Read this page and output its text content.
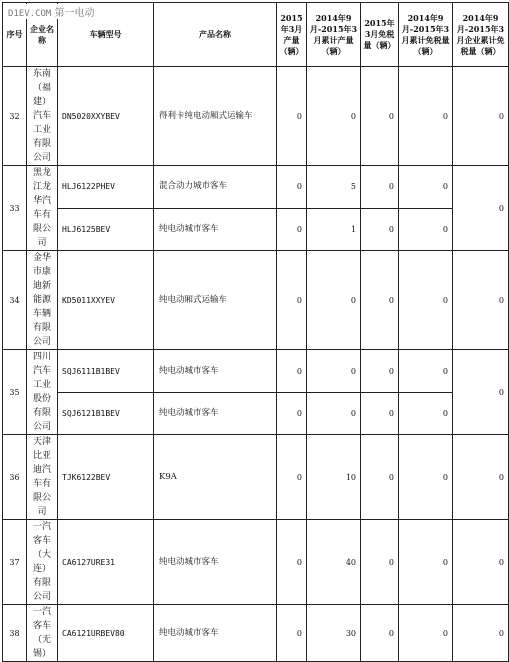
D1EV.COM 第一电动
序号	企业名称	车辆型号	产品名称	2015年3月产量（辆）	2014年9月-2015年3月累计产量（辆）	2015年3月免税量（辆）	2014年9月-2015年3月累计免税量（辆）	2014年9月-2015年3月企业累计免税量（辆）
32	东南（福建）汽车工业有限公司	DN5020XXYBEV	得利卡纯电动厢式运输车	0	0	0	0	0
33	黑龙江龙华汽车有限公司	HLJ6122PHEV	混合动力城市客车	0	5	0	0	0
		HLJ6125BEV	纯电动城市客车	0	1	0	0	
34	金华市康迪新能源车辆有限公司	KD5011XXYEV	纯电动厢式运输车	0	0	0	0	0
35	四川汽车工业股份有限公司	SQJ6111B1BEV	纯电动城市客车	0	0	0	0	0
		SQJ6121B1BEV	纯电动城市客车	0	0	0	0	
36	天津比亚迪汽车有限公司	TJK6122BEV	K9A	0	10	0	0	0
37	一汽客车（大连）有限公司	CA6127URE31	纯电动城市客车	0	40	0	0	0
38	一汽客车（无锡）	CA6121URBEV80	纯电动城市客车	0	30	0	0	0
